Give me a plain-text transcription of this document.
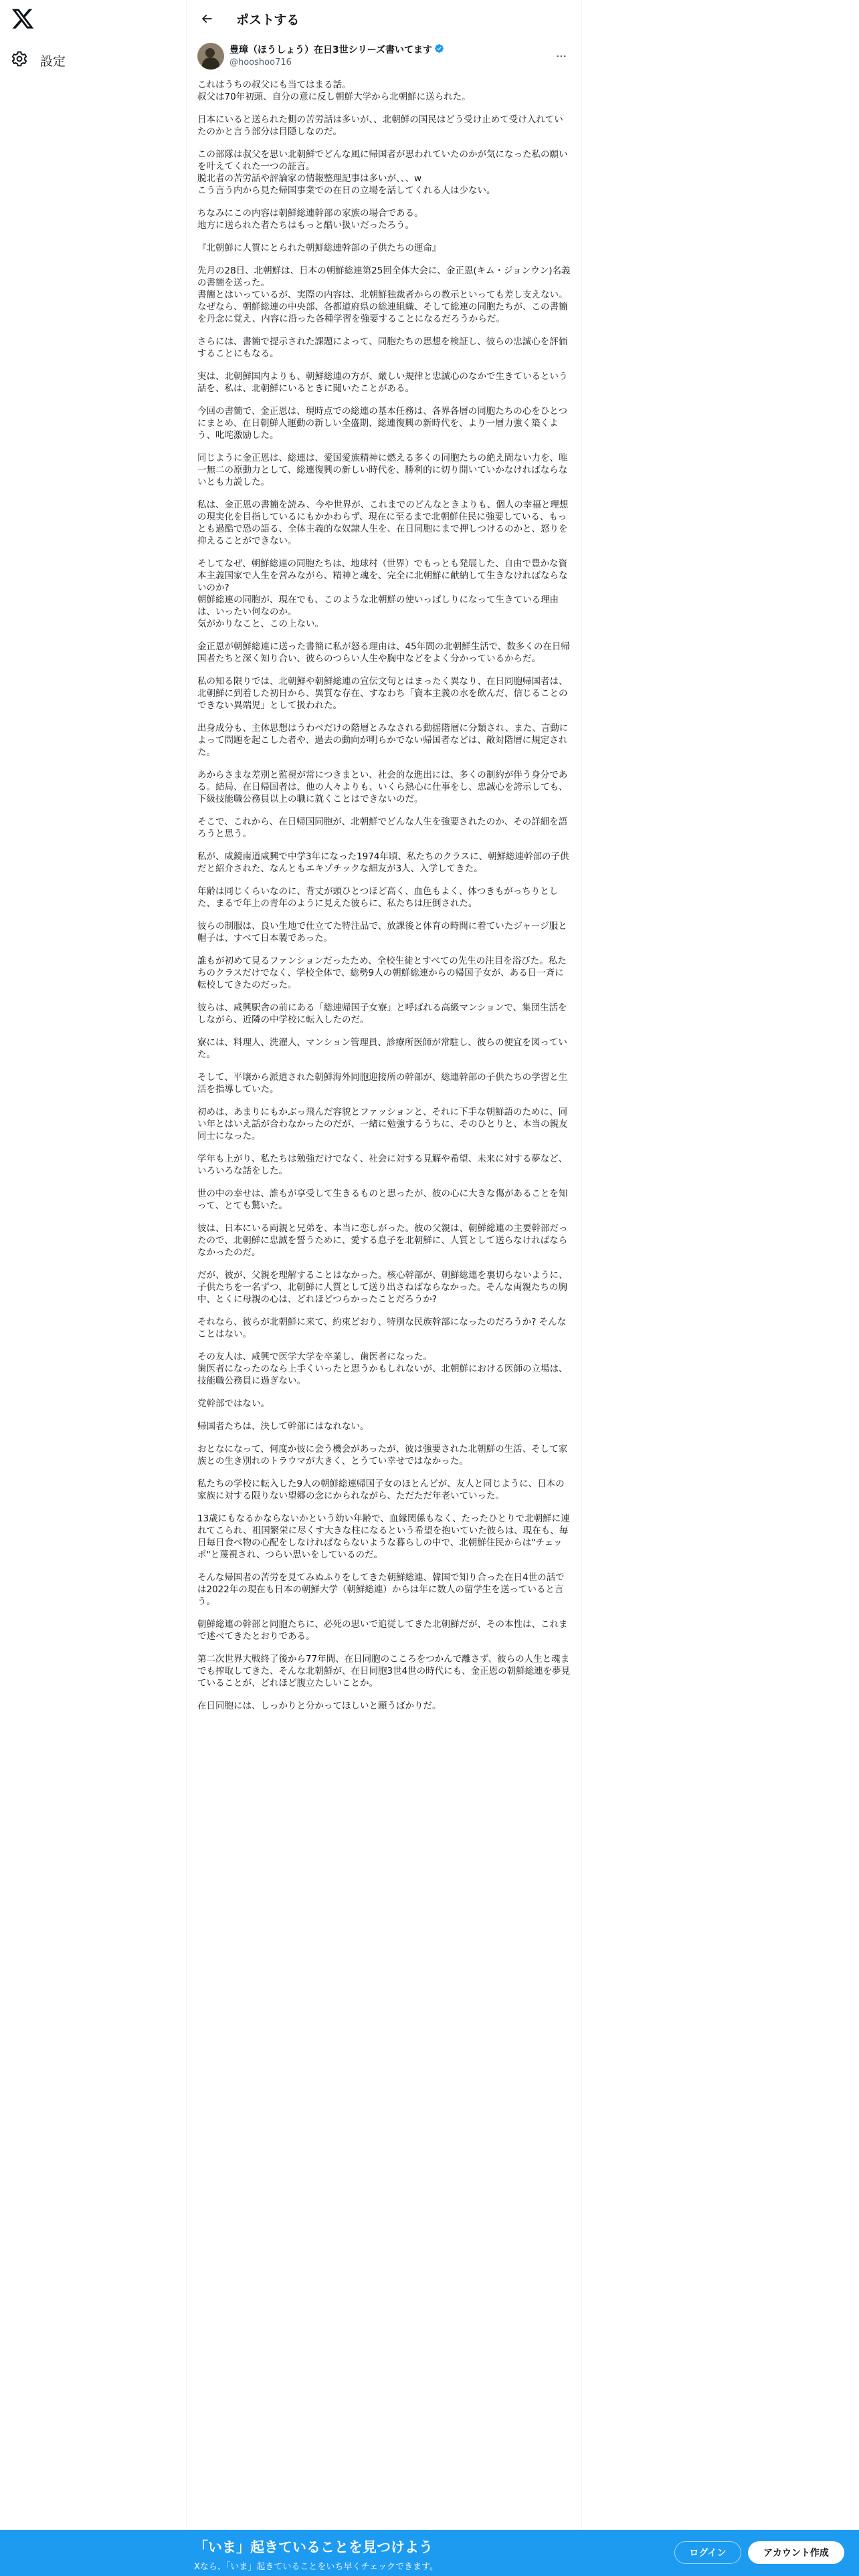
設定
ポストする
豊璋（ほうしょう）在日3世シリーズ書いてます
@hooshoo716

これはうちの叔父にも当てはまる話。
叔父は70年初頭、自分の意に反し朝鮮大学から北朝鮮に送られた。

日本にいると送られた側の苦労話は多いが、、北朝鮮の国民はどう受け止めて受け入れていたのかと言う部分は目隠しなのだ。

この部隊は叔父を思い北朝鮮でどんな風に帰国者が思われていたのかが気になった私の願いを叶えてくれた一つの証言。
脱北者の苦労話や評論家の情報整理記事は多いが、、、w
こう言う内から見た帰国事業での在日の立場を話してくれる人は少ない。

ちなみにこの内容は朝鮮総連幹部の家族の場合である。
地方に送られた者たちはもっと酷い扱いだったろう。

『北朝鮮に人質にとられた朝鮮総連幹部の子供たちの運命』

先月の28日、北朝鮮は、日本の朝鮮総連第25回全体大会に、金正恩(キム・ジョンウン)名義の書簡を送った。
書簡とはいっているが、実際の内容は、北朝鮮独裁者からの教示といっても差し支えない。
なぜなら、朝鮮総連の中央部、各都道府県の総連組織、そして総連の同胞たちが、この書簡を丹念に覚え、内容に沿った各種学習を強要することになるだろうからだ。

さらには、書簡で提示された課題によって、同胞たちの思想を検証し、彼らの忠誠心を評価することにもなる。

実は、北朝鮮国内よりも、朝鮮総連の方が、厳しい規律と忠誠心のなかで生きているという話を、私は、北朝鮮にいるときに聞いたことがある。

今回の書簡で、金正恩は、現時点での総連の基本任務は、各界各層の同胞たちの心をひとつにまとめ、在日朝鮮人運動の新しい全盛期、総連復興の新時代を、より一層力強く築くよう、叱咤激励した。

同じように金正恩は、総連は、愛国愛族精神に燃える多くの同胞たちの絶え間ない力を、唯一無二の原動力として、総連復興の新しい時代を、勝利的に切り開いていかなければならないとも力説した。

私は、金正恩の書簡を読み、今や世界が、これまでのどんなときよりも、個人の幸福と理想の現実化を目指しているにもかかわらず、現在に至るまで北朝鮮住民に強要している、もっとも過酷で恐の語る、全体主義的な奴隷人生を、在日同胞にまで押しつけるのかと、怒りを抑えることができない。

そしてなぜ、朝鮮総連の同胞たちは、地球村（世界）でもっとも発展した、自由で豊かな資本主義国家で人生を営みながら、精神と魂を、完全に北朝鮮に献納して生きなければならないのか?
朝鮮総連の同胞が、現在でも、このような北朝鮮の使いっぱしりになって生きている理由は、いったい何なのか。
気がかりなこと、この上ない。

金正恩が朝鮮総連に送った書簡に私が怒る理由は、45年間の北朝鮮生活で、数多くの在日帰国者たちと深く知り合い、彼らのつらい人生や胸中などをよく分かっているからだ。

私の知る限りでは、北朝鮮や朝鮮総連の宣伝文句とはまったく異なり、在日同胞帰国者は、北朝鮮に到着した初日から、異質な存在、すなわち「資本主義の水を飲んだ、信じることのできない異端児」として扱われた。

出身成分も、主体思想はうわべだけの階層とみなされる動揺階層に分類され、また、言動によって問題を起こした者や、過去の動向が明らかでない帰国者などは、敵対階層に規定された。

あからさまな差別と監視が常につきまとい、社会的な進出には、多くの制約が伴う身分である。結局、在日帰国者は、他の人々よりも、いくら熱心に仕事をし、忠誠心を誇示しても、下級技能職公務員以上の職に就くことはできないのだ。

そこで、これから、在日帰国同胞が、北朝鮮でどんな人生を強要されたのか、その詳細を語ろうと思う。

私が、咸鏡南道咸興で中学3年になった1974年頃、私たちのクラスに、朝鮮総連幹部の子供だと紹介された、なんともエキゾチックな細友が3人、入学してきた。

年齢は同じくらいなのに、背丈が頭ひとつほど高く、血色もよく、体つきもがっちりとした、まるで年上の青年のように見えた彼らに、私たちは圧倒された。

彼らの制服は、良い生地で仕立てた特注品で、放課後と体育の時間に着ていたジャージ服と帽子は、すべて日本製であった。

誰もが初めて見るファンションだったため、全校生徒とすべての先生の注目を浴びた。私たちのクラスだけでなく、学校全体で、総勢9人の朝鮮総連からの帰国子女が、ある日一斉に転校してきたのだった。

彼らは、咸興駅舎の前にある「総連帰国子女寮」と呼ばれる高級マンションで、集団生活をしながら、近隣の中学校に転入したのだ。

寮には、料理人、洗濯人、マンション管理員、診療所医師が常駐し、彼らの便宜を図っていた。

そして、平壌から派遣された朝鮮海外同胞迎接所の幹部が、総連幹部の子供たちの学習と生活を指導していた。

初めは、あまりにもかぶっ飛んだ容貌とファッションと、それに下手な朝鮮語のために、同い年とはいえ話が合わなかったのだが、一緒に勉強するうちに、そのひとりと、本当の親友同士になった。

学年も上がり、私たちは勉強だけでなく、社会に対する見解や希望、未来に対する夢など、いろいろな話をした。

世の中の幸せは、誰もが享受して生きるものと思ったが、彼の心に大きな傷があることを知って、とても驚いた。

彼は、日本にいる両親と兄弟を、本当に恋しがった。彼の父親は、朝鮮総連の主要幹部だったので、北朝鮮に忠誠を誓うために、愛する息子を北朝鮮に、人質として送らなければならなかったのだ。

だが、彼が、父親を理解することはなかった。核心幹部が、朝鮮総連を裏切らないように、子供たちを一名ずつ、北朝鮮に人質として送り出さねばならなかった。そんな両親たちの胸中、とくに母親の心は、どれほどつらかったことだろうか?

それなら、彼らが北朝鮮に来て、約束どおり、特別な民族幹部になったのだろうか? そんなことはない。

その友人は、咸興で医学大学を卒業し、歯医者になった。
歯医者になったのなら上手くいったと思うかもしれないが、北朝鮮における医師の立場は、技能職公務員に過ぎない。

党幹部ではない。

帰国者たちは、決して幹部にはなれない。

おとなになって、何度か彼に会う機会があったが、彼は強要された北朝鮮の生活、そして家族との生き別れのトラウマが大きく、とうてい幸せではなかった。

私たちの学校に転入した9人の朝鮮総連帰国子女のほとんどが、友人と同じように、日本の家族に対する限りない望郷の念にかられながら、ただただ年老いていった。

13歳にもなるかならないかという幼い年齢で、血縁関係もなく、たったひとりで北朝鮮に連れてこられ、祖国繁栄に尽くす大きな柱になるという希望を抱いていた彼らは、現在も、毎日毎日食べ物の心配をしなければならないような暮らしの中で、北朝鮮住民からは"チェッポ"と蔑視され、つらい思いをしているのだ。

そんな帰国者の苦労を見てみぬふりをしてきた朝鮮総連、韓国で知り合った在日4世の話では2022年の現在も日本の朝鮮大学（朝鮮総連）からは年に数人の留学生を送っていると言う。

朝鮮総連の幹部と同胞たちに、必死の思いで追従してきた北朝鮮だが、その本性は、これまで述べてきたとおりである。

第二次世界大戦終了後から77年間、在日同胞のこころをつかんで離さず、彼らの人生と魂までも搾取してきた、そんな北朝鮮が、在日同胞3世4世の時代にも、金正恩の朝鮮総連を夢見ていることが、どれほど腹立たしいことか。

在日同胞には、しっかりと分かってほしいと願うばかりだ。

「いま」起きていることを見つけよう
Xなら、「いま」起きていることをいち早くチェックできます。
ログイン	アカウント作成
